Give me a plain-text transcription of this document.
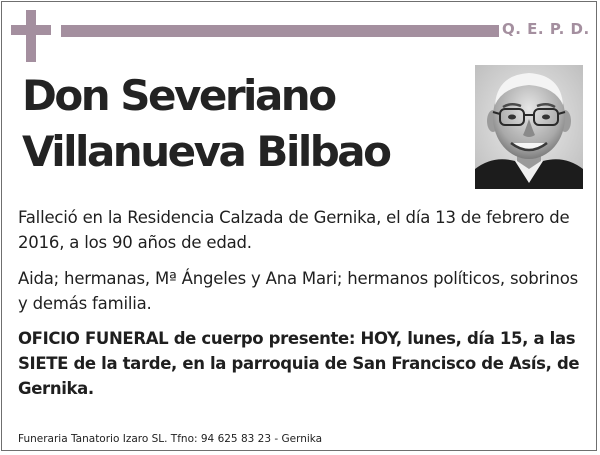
Q. E. P. D.
Don Severiano
Villanueva Bilbao

Falleció en la Residencia Calzada de Gernika, el día 13 de febrero de 2016, a los 90 años de edad.

Aida; hermanas, Mª Ángeles y Ana Mari; hermanos políticos, sobrinos y demás familia.

OFICIO FUNERAL de cuerpo presente: HOY, lunes, día 15, a las SIETE de la tarde, en la parroquia de San Francisco de Asís, de Gernika.

Funeraria Tanatorio Izaro SL. Tfno: 94 625 83 23 - Gernika
